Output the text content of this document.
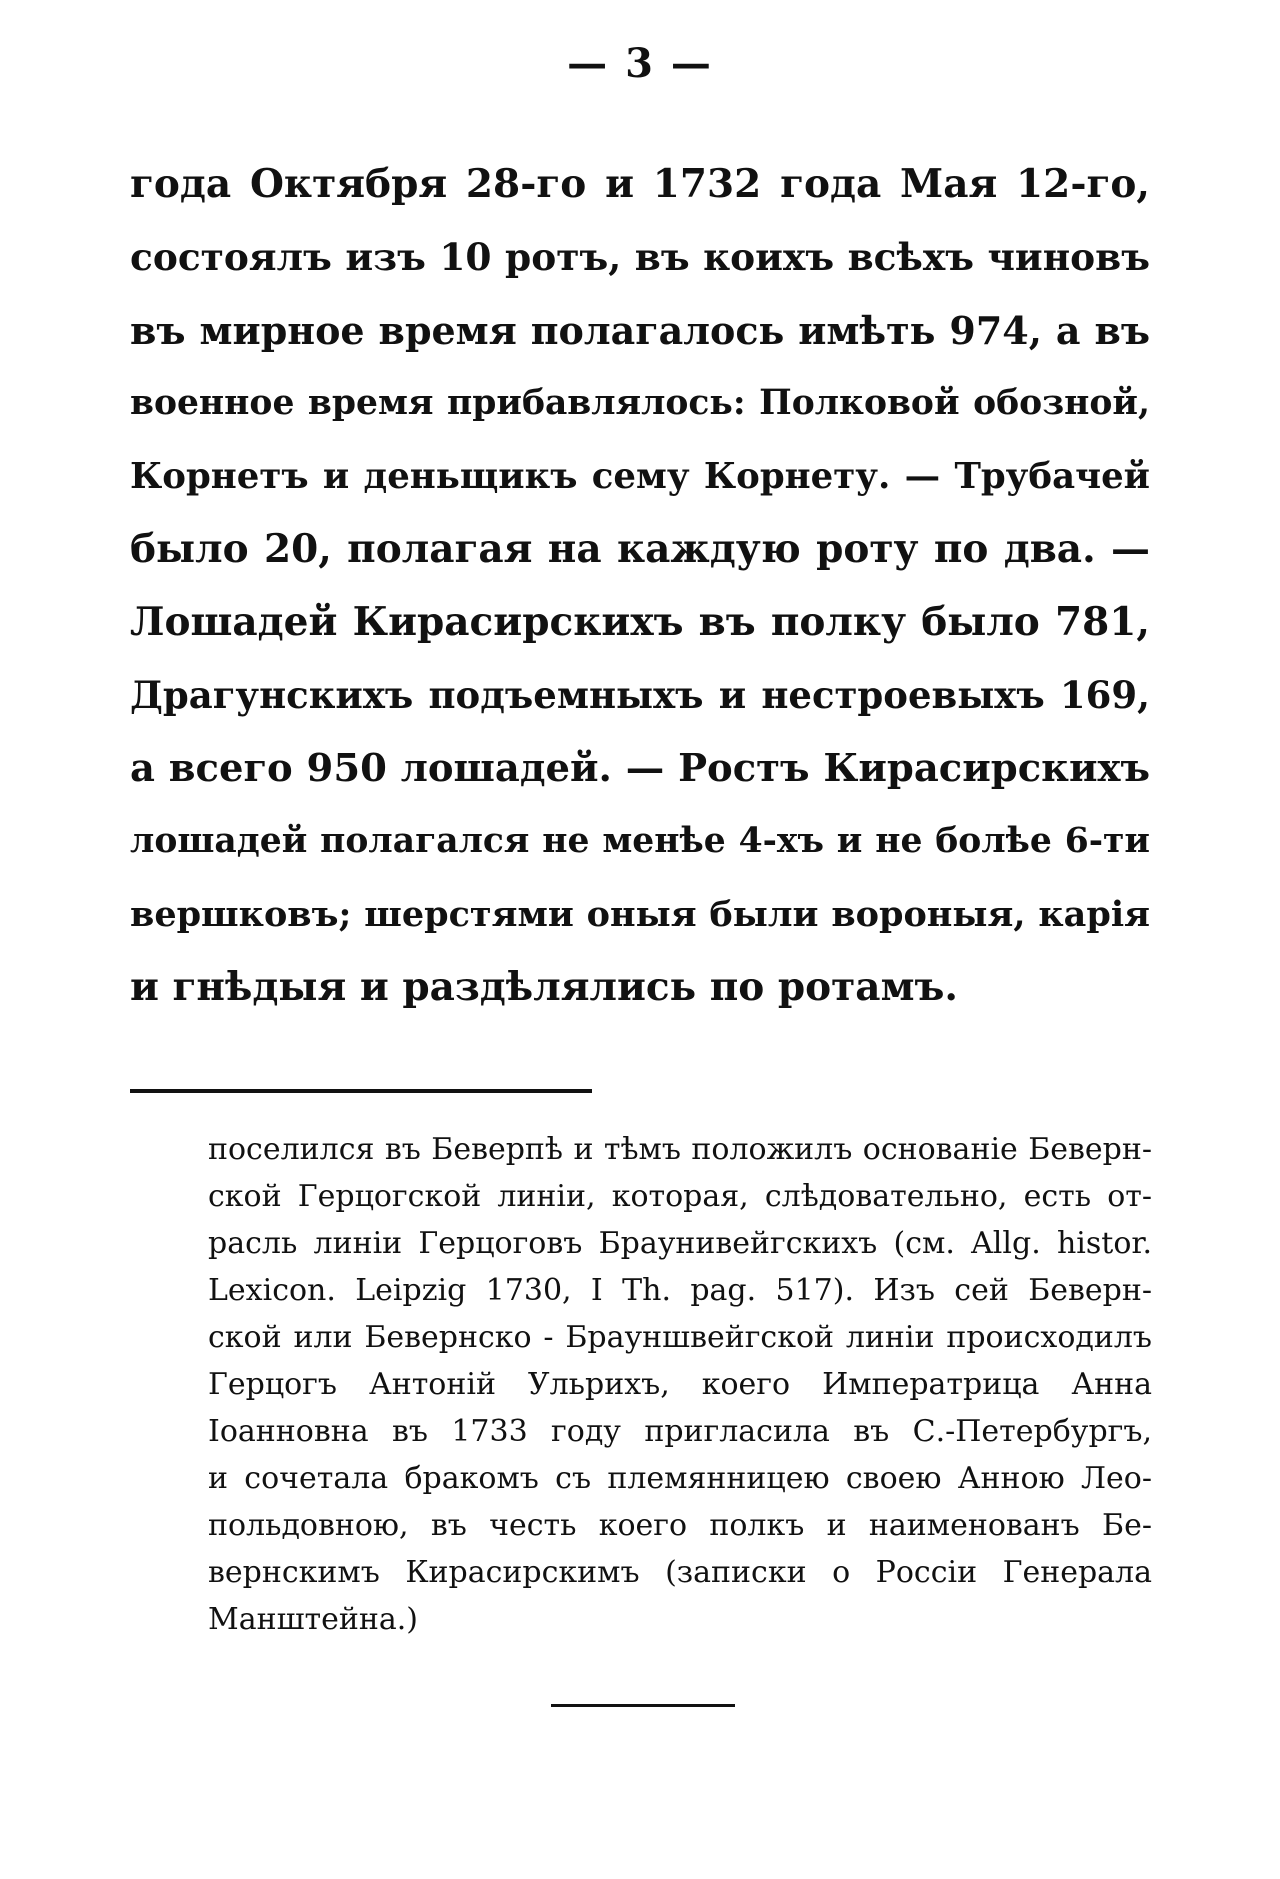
— 3 —
года Октября 28-го и 1732 года Мая 12-го,
состоялъ изъ 10 ротъ, въ коихъ всѣхъ чиновъ
въ мирное время полагалось имѣть 974, а въ
военное время прибавлялось: Полковой обозной,
Корнетъ и деньщикъ сему Корнету. — Трубачей
было 20, полагая на каждую роту по два. —
Лошадей Кирасирскихъ въ полку было 781,
Драгунскихъ подъемныхъ и нестроевыхъ 169,
а всего 950 лошадей. — Ростъ Кирасирскихъ
лошадей полагался не менѣе 4-хъ и не болѣе 6-ти
вершковъ; шерстями оныя были вороныя, карія
и гнѣдыя и раздѣлялись по ротамъ.
поселился въ Беверпѣ и тѣмъ положилъ основаніе Беверн-
ской Герцогской линіи, которая, слѣдовательно, есть от-
расль линіи Герцоговъ Браунивейгскихъ (см. Allg. histor.
Lexicon. Leipzig 1730, I Th. pag. 517). Изъ сей Беверн-
ской или Бевернско - Брауншвейгской линіи происходилъ
Герцогъ Антоній Ульрихъ, коего Императрица Анна
Іоанновна въ 1733 году пригласила въ С.-Петербургъ,
и сочетала бракомъ съ племянницею своею Анною Лео-
польдовною, въ честь коего полкъ и наименованъ Бе-
вернскимъ Кирасирскимъ (записки о Россіи Генерала
Манштейна.)
